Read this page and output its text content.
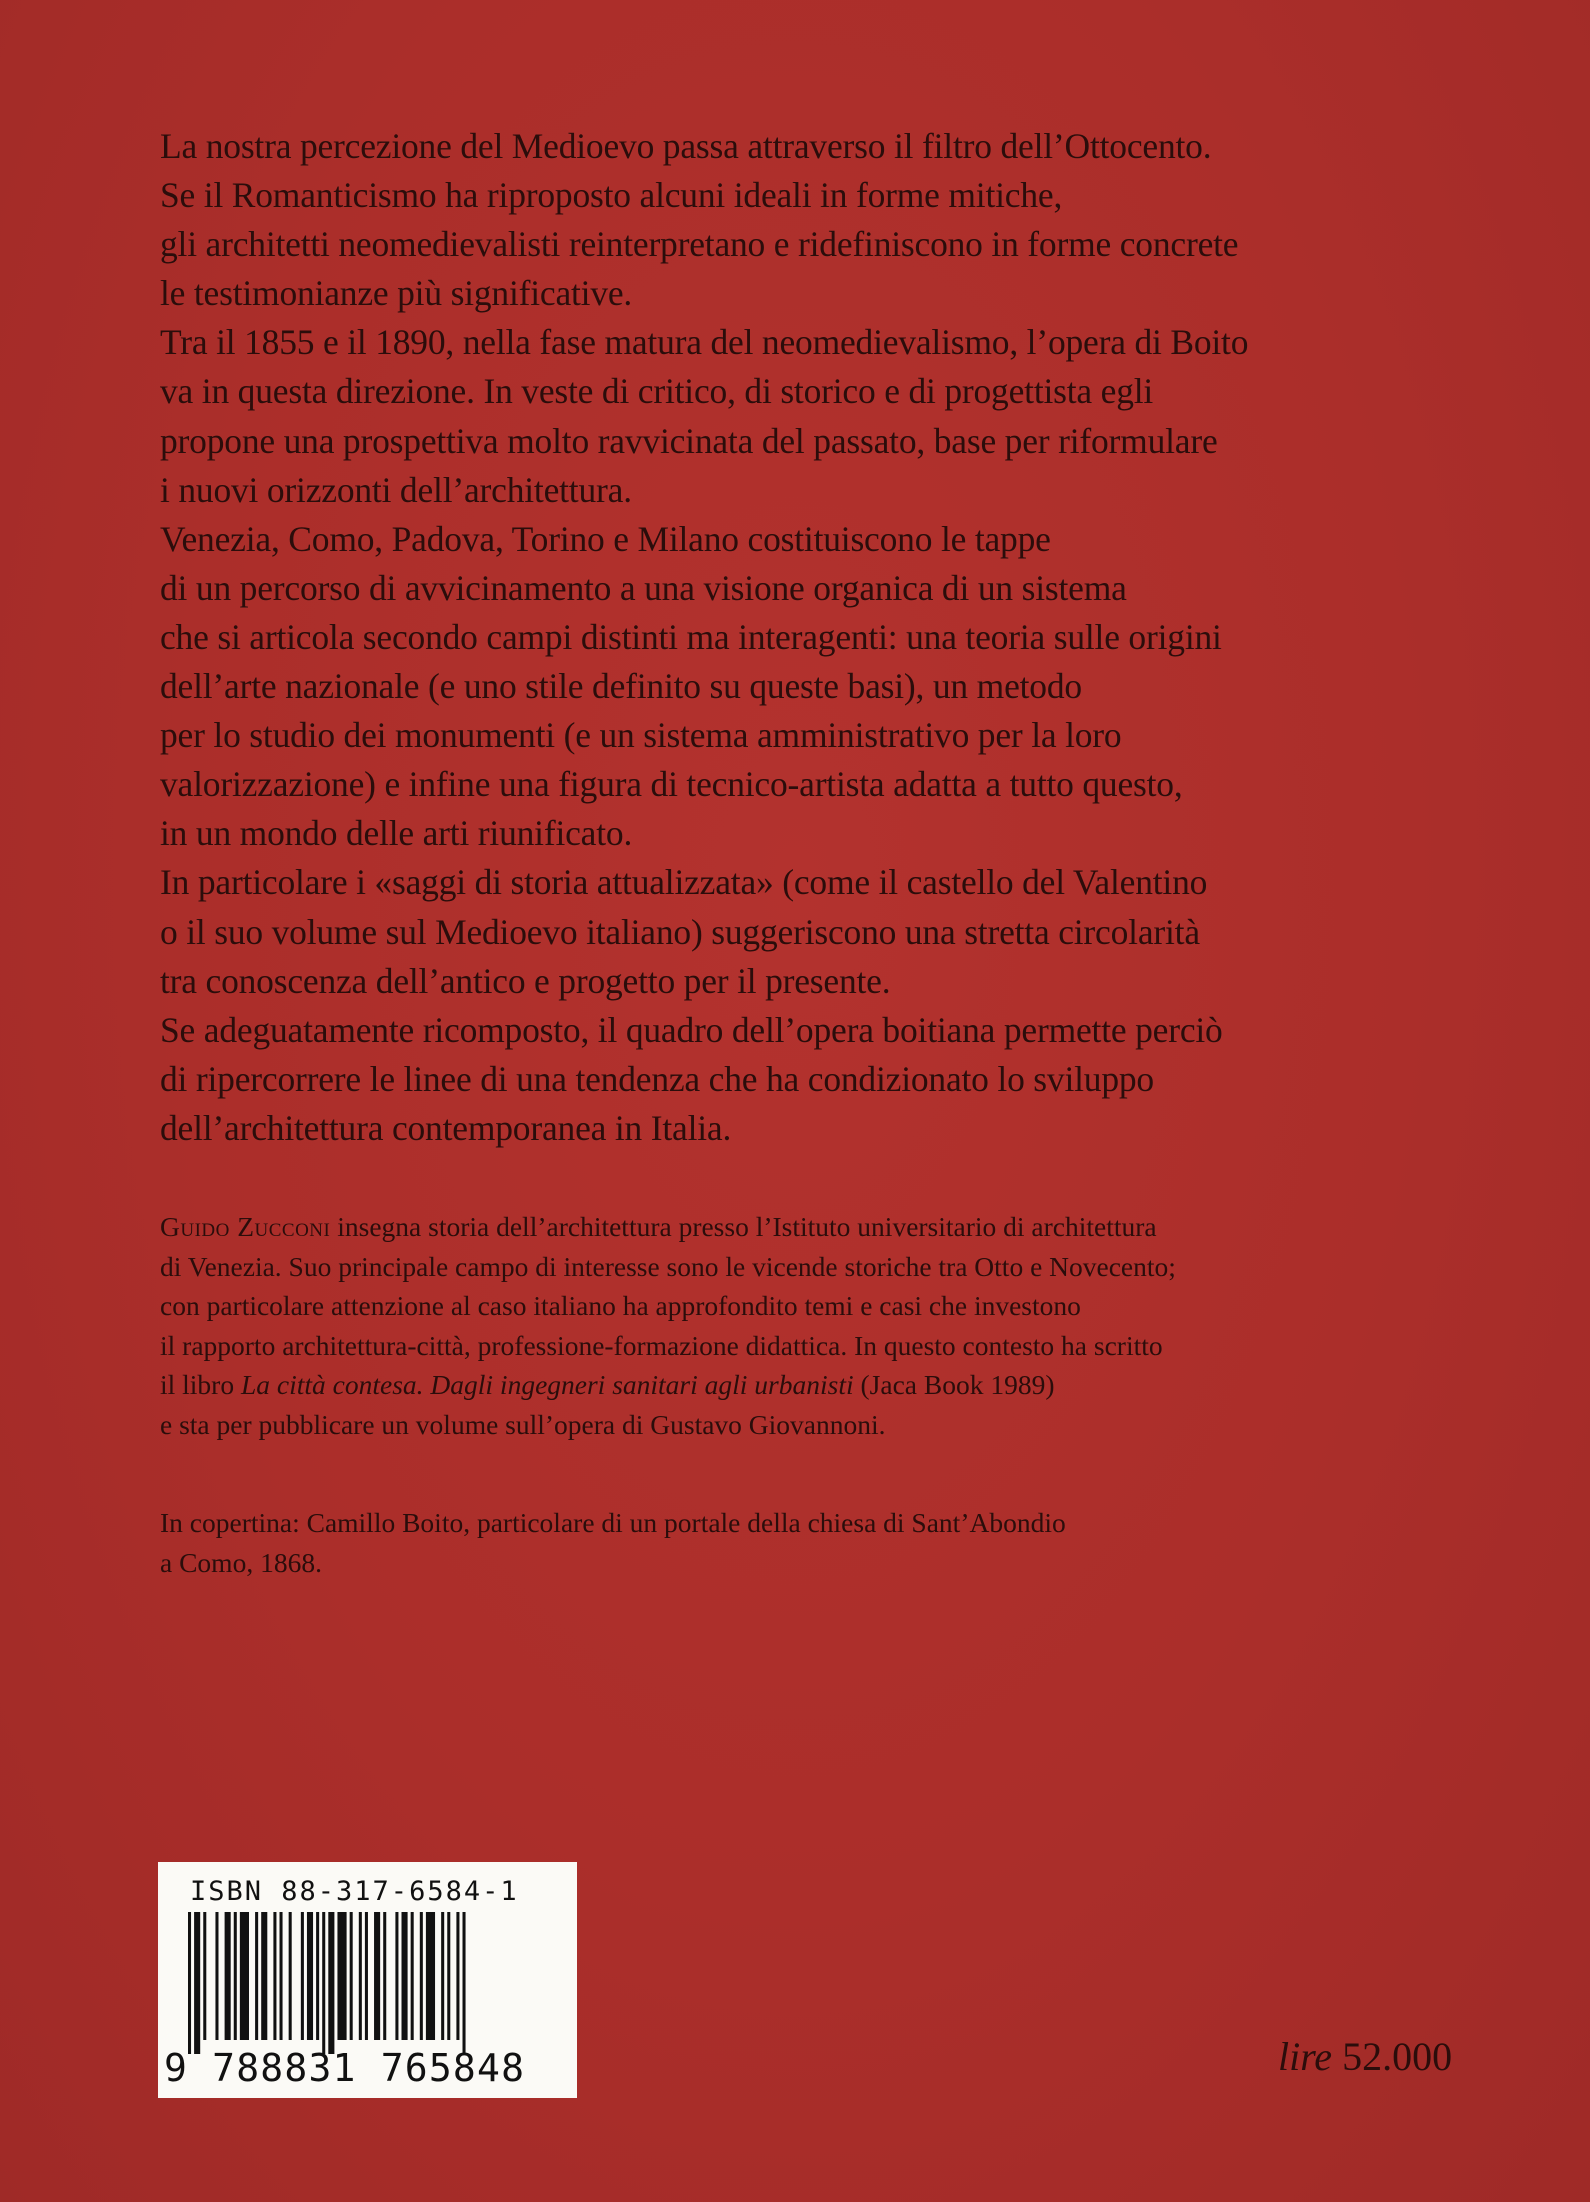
La nostra percezione del Medioevo passa attraverso il filtro dell’Ottocento.
Se il Romanticismo ha riproposto alcuni ideali in forme mitiche,
gli architetti neomedievalisti reinterpretano e ridefiniscono in forme concrete
le testimonianze più significative.
Tra il 1855 e il 1890, nella fase matura del neomedievalismo, l’opera di Boito
va in questa direzione. In veste di critico, di storico e di progettista egli
propone una prospettiva molto ravvicinata del passato, base per riformulare
i nuovi orizzonti dell’architettura.
Venezia, Como, Padova, Torino e Milano costituiscono le tappe
di un percorso di avvicinamento a una visione organica di un sistema
che si articola secondo campi distinti ma interagenti: una teoria sulle origini
dell’arte nazionale (e uno stile definito su queste basi), un metodo
per lo studio dei monumenti (e un sistema amministrativo per la loro
valorizzazione) e infine una figura di tecnico-artista adatta a tutto questo,
in un mondo delle arti riunificato.
In particolare i «saggi di storia attualizzata» (come il castello del Valentino
o il suo volume sul Medioevo italiano) suggeriscono una stretta circolarità
tra conoscenza dell’antico e progetto per il presente.
Se adeguatamente ricomposto, il quadro dell’opera boitiana permette perciò
di ripercorrere le linee di una tendenza che ha condizionato lo sviluppo
dell’architettura contemporanea in Italia.
Guido Zucconi insegna storia dell’architettura presso l’Istituto universitario di architettura
di Venezia. Suo principale campo di interesse sono le vicende storiche tra Otto e Novecento;
con particolare attenzione al caso italiano ha approfondito temi e casi che investono
il rapporto architettura-città, professione-formazione didattica. In questo contesto ha scritto
il libro La città contesa. Dagli ingegneri sanitari agli urbanisti (Jaca Book 1989)
e sta per pubblicare un volume sull’opera di Gustavo Giovannoni.
In copertina: Camillo Boito, particolare di un portale della chiesa di Sant’Abondio
a Como, 1868.
ISBN 88-317-6584-1
9 788831 765848	lire 52.000
